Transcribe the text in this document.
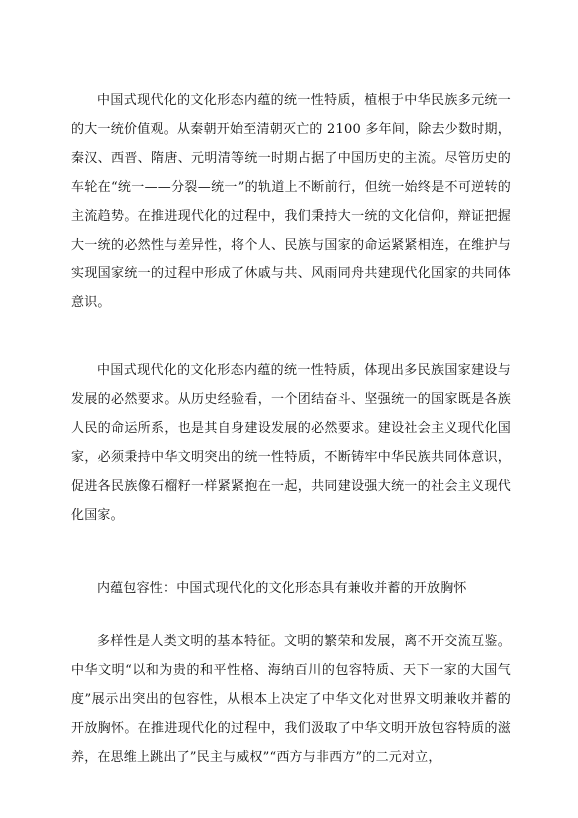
中国式现代化的文化形态内蕴的统一性特质，植根于中华民族多元统一的大一统价值观。从秦朝开始至清朝灭亡的 2100 多年间，除去少数时期，秦汉、西晋、隋唐、元明清等统一时期占据了中国历史的主流。尽管历史的车轮在“统一——分裂—统一”的轨道上不断前行，但统一始终是不可逆转的主流趋势。在推进现代化的过程中，我们秉持大一统的文化信仰，辩证把握大一统的必然性与差异性，将个人、民族与国家的命运紧紧相连，在维护与实现国家统一的过程中形成了休戚与共、风雨同舟共建现代化国家的共同体意识。

中国式现代化的文化形态内蕴的统一性特质，体现出多民族国家建设与发展的必然要求。从历史经验看，一个团结奋斗、坚强统一的国家既是各族人民的命运所系，也是其自身建设发展的必然要求。建设社会主义现代化国家，必须秉持中华文明突出的统一性特质，不断铸牢中华民族共同体意识，促进各民族像石榴籽一样紧紧抱在一起，共同建设强大统一的社会主义现代化国家。

内蕴包容性：中国式现代化的文化形态具有兼收并蓄的开放胸怀

多样性是人类文明的基本特征。文明的繁荣和发展，离不开交流互鉴。中华文明“以和为贵的和平性格、海纳百川的包容特质、天下一家的大国气度”展示出突出的包容性，从根本上决定了中华文化对世界文明兼收并蓄的开放胸怀。在推进现代化的过程中，我们汲取了中华文明开放包容特质的滋养，在思维上跳出了”民主与威权”“西方与非西方”的二元对立，
